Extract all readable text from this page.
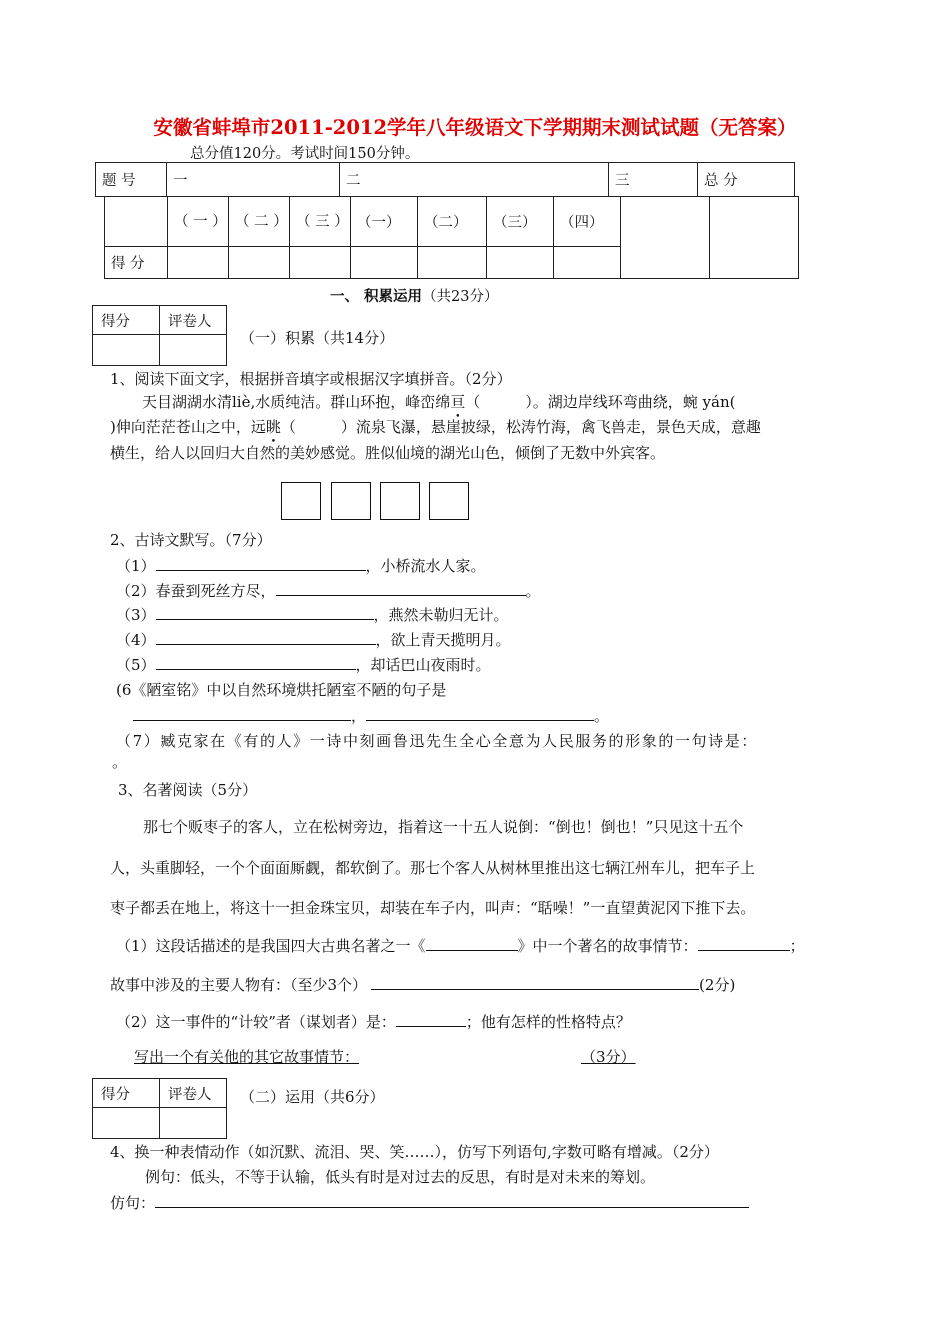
安徽省蚌埠市2011-2012学年八年级语文下学期期末测试试题（无答案）
总分值120分。考试时间150分钟。
题 号	一	二	三	总 分
	（ 一 ）	（ 二 ）	（ 三 ）	（一）	（二）	（三）	（四）		
得 分									
一、 积累运用（共23分）
得分	评卷人

（一）积累（共14分）
1、阅读下面文字，根据拼音填字或根据汉字填拼音。（2分）
天目湖湖水清liè,水质纯洁。群山环抱，峰峦绵亘（　　　）。湖边岸线环弯曲绕，蜿 yán(
)伸向茫茫苍山之中，远眺（　　　）流泉飞瀑，悬崖披绿，松涛竹海，禽飞兽走，景色天成，意趣
横生，给人以回归大自然的美妙感觉。胜似仙境的湖光山色，倾倒了无数中外宾客。
2、古诗文默写。（7分）
（1）	，小桥流水人家。
（2）春蚕到死丝方尽，	。
（3）	，燕然未勒归无计。
（4）	，欲上青天揽明月。
（5）	，却话巴山夜雨时。
(6《陋室铭》中以自然环境烘托陋室不陋的句子是
，	。
（7）臧克家在《有的人》一诗中刻画鲁迅先生全心全意为人民服务的形象的一句诗是：
。
3、名著阅读（5分）
那七个贩枣子的客人，立在松树旁边，指着这一十五人说倒：“倒也！倒也！”只见这十五个
人，头重脚轻，一个个面面厮觑，都软倒了。那七个客人从树林里推出这七辆江州车儿，把车子上
枣子都丢在地上，将这十一担金珠宝贝，却装在车子内，叫声：“聒噪！”一直望黄泥冈下推下去。
（1）这段话描述的是我国四大古典名著之一《	》中一个著名的故事情节：	；
故事中涉及的主要人物有：（至少3个）	(2分)
（2）这一事件的“计较”者（谋划者）是：	；他有怎样的性格特点？
写出一个有关他的其它故事情节：	（3分）
得分	评卷人
	（二）运用（共6分）
4、换一种表情动作（如沉默、流泪、哭、笑……），仿写下列语句,字数可略有增减。（2分）
例句：低头，不等于认输，低头有时是对过去的反思，有时是对未来的筹划。
仿句：
